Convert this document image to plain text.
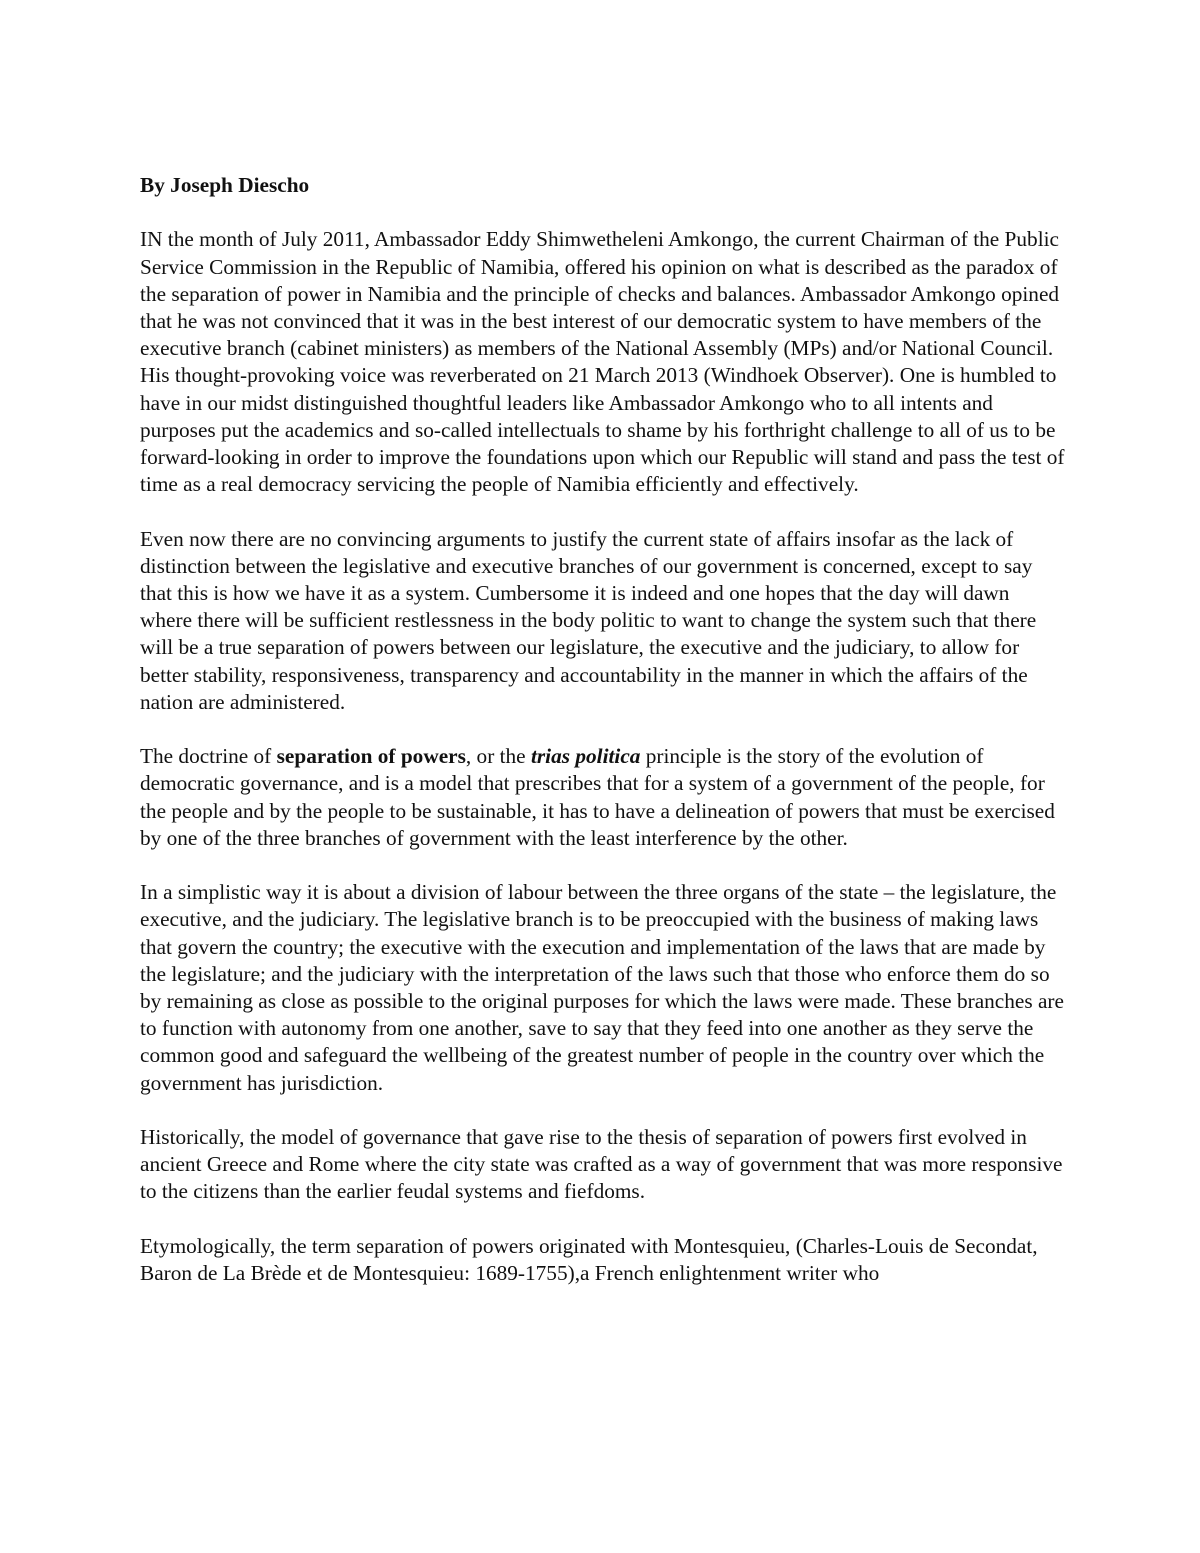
By Joseph Diescho

IN the month of July 2011, Ambassador Eddy Shimwetheleni Amkongo, the current Chairman of the Public Service Commission in the Republic of Namibia, offered his opinion on what is described as the paradox of the separation of power in Namibia and the principle of checks and balances. Ambassador Amkongo opined that he was not convinced that it was in the best interest of our democratic system to have members of the executive branch (cabinet ministers) as members of the National Assembly (MPs) and/or National Council. His thought-provoking voice was reverberated on 21 March 2013 (Windhoek Observer). One is humbled to have in our midst distinguished thoughtful leaders like Ambassador Amkongo who to all intents and purposes put the academics and so-called intellectuals to shame by his forthright challenge to all of us to be forward-looking in order to improve the foundations upon which our Republic will stand and pass the test of time as a real democracy servicing the people of Namibia efficiently and effectively.

Even now there are no convincing arguments to justify the current state of affairs insofar as the lack of distinction between the legislative and executive branches of our government is concerned, except to say that this is how we have it as a system. Cumbersome it is indeed and one hopes that the day will dawn where there will be sufficient restlessness in the body politic to want to change the system such that there will be a true separation of powers between our legislature, the executive and the judiciary, to allow for better stability, responsiveness, transparency and accountability in the manner in which the affairs of the nation are administered.

The doctrine of separation of powers, or the trias politica principle is the story of the evolution of democratic governance, and is a model that prescribes that for a system of a government of the people, for the people and by the people to be sustainable, it has to have a delineation of powers that must be exercised by one of the three branches of government with the least interference by the other.

In a simplistic way it is about a division of labour between the three organs of the state – the legislature, the executive, and the judiciary. The legislative branch is to be preoccupied with the business of making laws that govern the country; the executive with the execution and implementation of the laws that are made by the legislature; and the judiciary with the interpretation of the laws such that those who enforce them do so by remaining as close as possible to the original purposes for which the laws were made. These branches are to function with autonomy from one another, save to say that they feed into one another as they serve the common good and safeguard the wellbeing of the greatest number of people in the country over which the government has jurisdiction.

Historically, the model of governance that gave rise to the thesis of separation of powers first evolved in ancient Greece and Rome where the city state was crafted as a way of government that was more responsive to the citizens than the earlier feudal systems and fiefdoms.

Etymologically, the term separation of powers originated with Montesquieu, (Charles-Louis de Secondat, Baron de La Brède et de Montesquieu: 1689-1755),a French enlightenment writer who
